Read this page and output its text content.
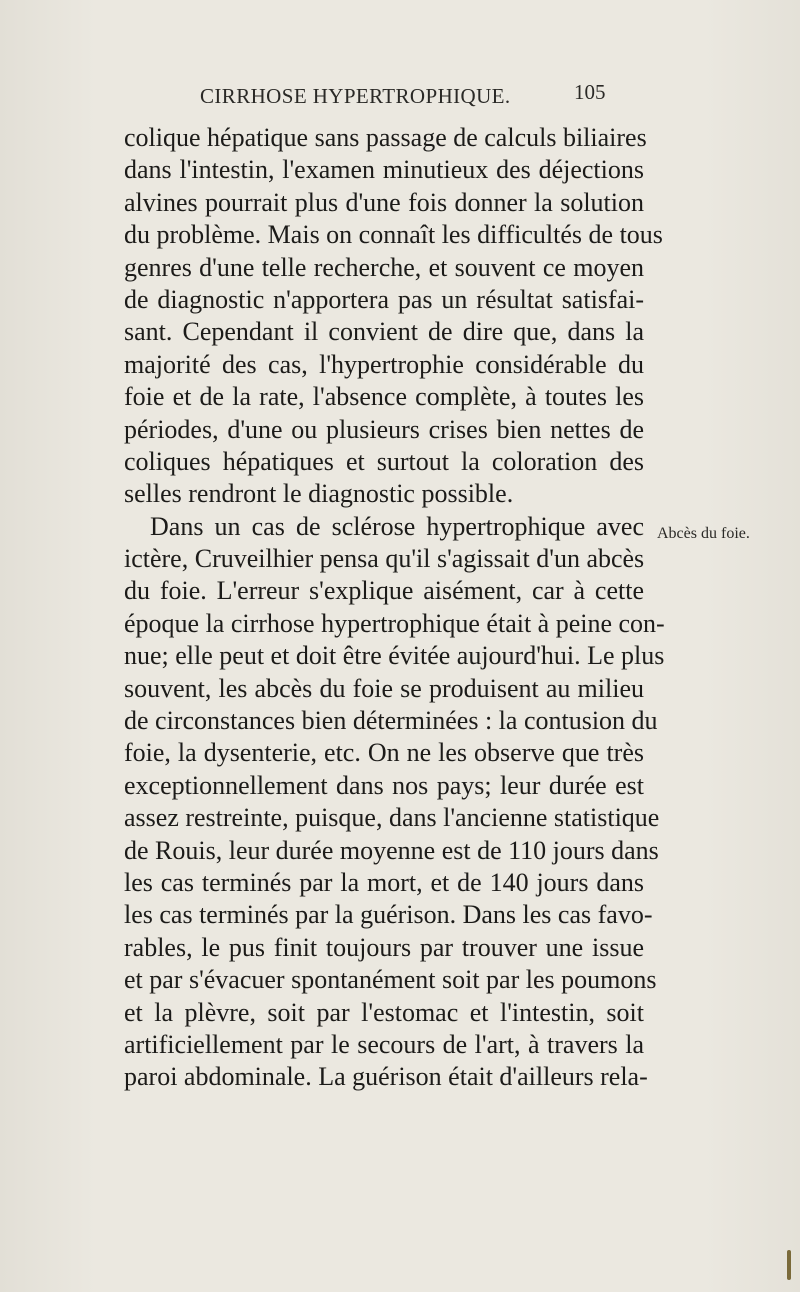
CIRRHOSE HYPERTROPHIQUE.	105
colique hépatique sans passage de calculs biliaires
dans l'intestin, l'examen minutieux des déjections
alvines pourrait plus d'une fois donner la solution
du problème. Mais on connaît les difficultés de tous
genres d'une telle recherche, et souvent ce moyen
de diagnostic n'apportera pas un résultat satisfai-
sant. Cependant il convient de dire que, dans la
majorité des cas, l'hypertrophie considérable du
foie et de la rate, l'absence complète, à toutes les
périodes, d'une ou plusieurs crises bien nettes de
coliques hépatiques et surtout la coloration des
selles rendront le diagnostic possible.
Dans un cas de sclérose hypertrophique avec
ictère, Cruveilhier pensa qu'il s'agissait d'un abcès
du foie. L'erreur s'explique aisément, car à cette
époque la cirrhose hypertrophique était à peine con-
nue; elle peut et doit être évitée aujourd'hui. Le plus
souvent, les abcès du foie se produisent au milieu
de circonstances bien déterminées : la contusion du
foie, la dysenterie, etc. On ne les observe que très
exceptionnellement dans nos pays; leur durée est
assez restreinte, puisque, dans l'ancienne statistique
de Rouis, leur durée moyenne est de 110 jours dans
les cas terminés par la mort, et de 140 jours dans
les cas terminés par la guérison. Dans les cas favo-
rables, le pus finit toujours par trouver une issue
et par s'évacuer spontanément soit par les poumons
et la plèvre, soit par l'estomac et l'intestin, soit
artificiellement par le secours de l'art, à travers la
paroi abdominale. La guérison était d'ailleurs rela-
Abcès du foie.
